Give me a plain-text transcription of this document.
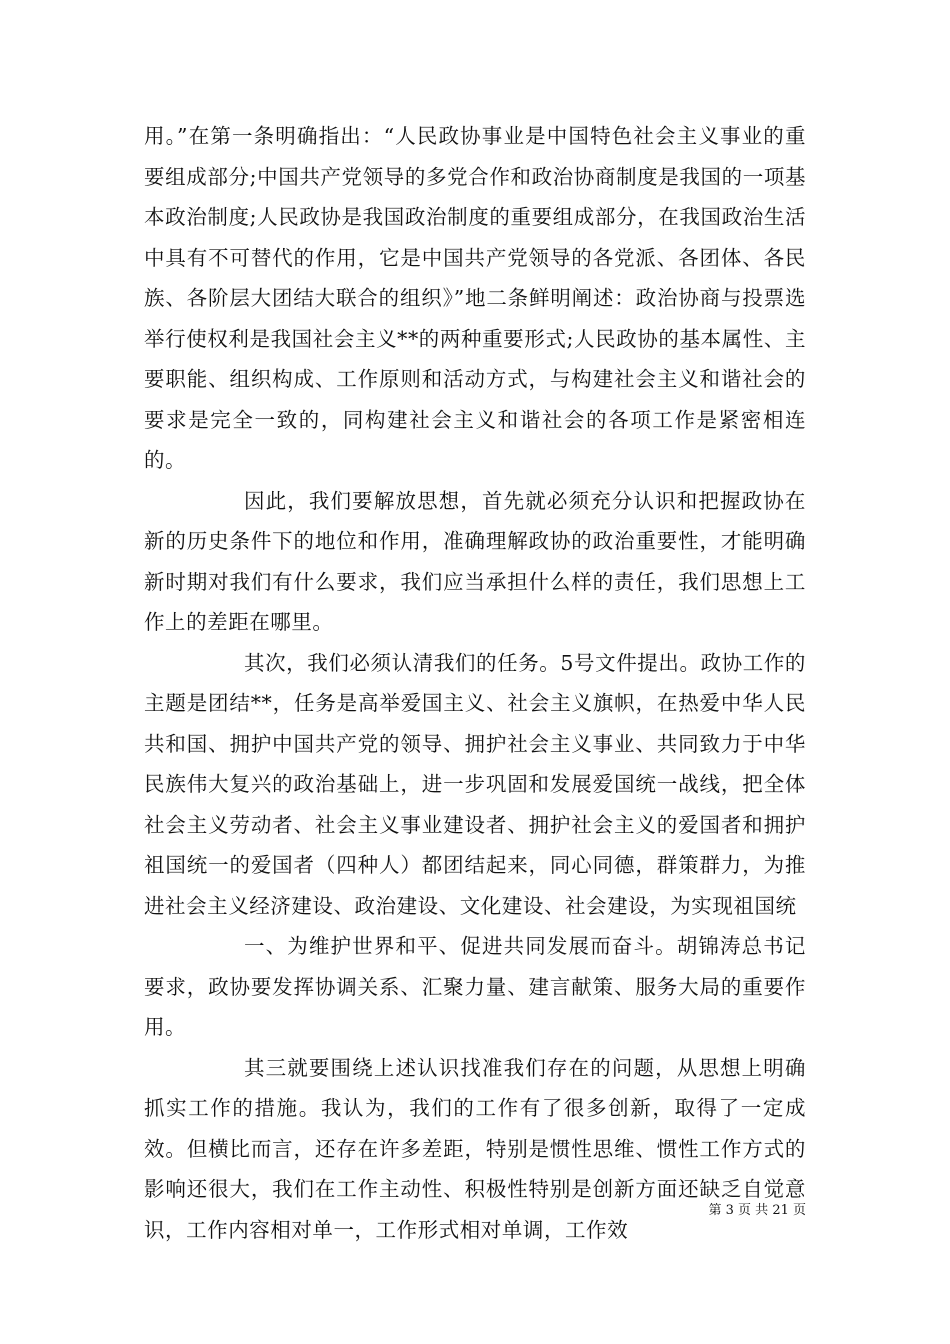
用。”在第一条明确指出：“人民政协事业是中国特色社会主义事业的重要组成部分;中国共产党领导的多党合作和政治协商制度是我国的一项基本政治制度;人民政协是我国政治制度的重要组成部分，在我国政治生活中具有不可替代的作用，它是中国共产党领导的各党派、各团体、各民族、各阶层大团结大联合的组织》”地二条鲜明阐述：政治协商与投票选举行使权利是我国社会主义**的两种重要形式;人民政协的基本属性、主要职能、组织构成、工作原则和活动方式，与构建社会主义和谐社会的要求是完全一致的，同构建社会主义和谐社会的各项工作是紧密相连的。

因此，我们要解放思想，首先就必须充分认识和把握政协在新的历史条件下的地位和作用，准确理解政协的政治重要性，才能明确新时期对我们有什么要求，我们应当承担什么样的责任，我们思想上工作上的差距在哪里。

其次，我们必须认清我们的任务。5号文件提出。政协工作的主题是团结**，任务是高举爱国主义、社会主义旗帜，在热爱中华人民共和国、拥护中国共产党的领导、拥护社会主义事业、共同致力于中华民族伟大复兴的政治基础上，进一步巩固和发展爱国统一战线，把全体社会主义劳动者、社会主义事业建设者、拥护社会主义的爱国者和拥护祖国统一的爱国者（四种人）都团结起来，同心同德，群策群力，为推进社会主义经济建设、政治建设、文化建设、社会建设，为实现祖国统

一、为维护世界和平、促进共同发展而奋斗。胡锦涛总书记要求，政协要发挥协调关系、汇聚力量、建言献策、服务大局的重要作用。

其三就要围绕上述认识找准我们存在的问题，从思想上明确抓实工作的措施。我认为，我们的工作有了很多创新，取得了一定成效。但横比而言，还存在许多差距，特别是惯性思维、惯性工作方式的影响还很大，我们在工作主动性、积极性特别是创新方面还缺乏自觉意识，工作内容相对单一，工作形式相对单调，工作效

第 3 页 共 21 页
